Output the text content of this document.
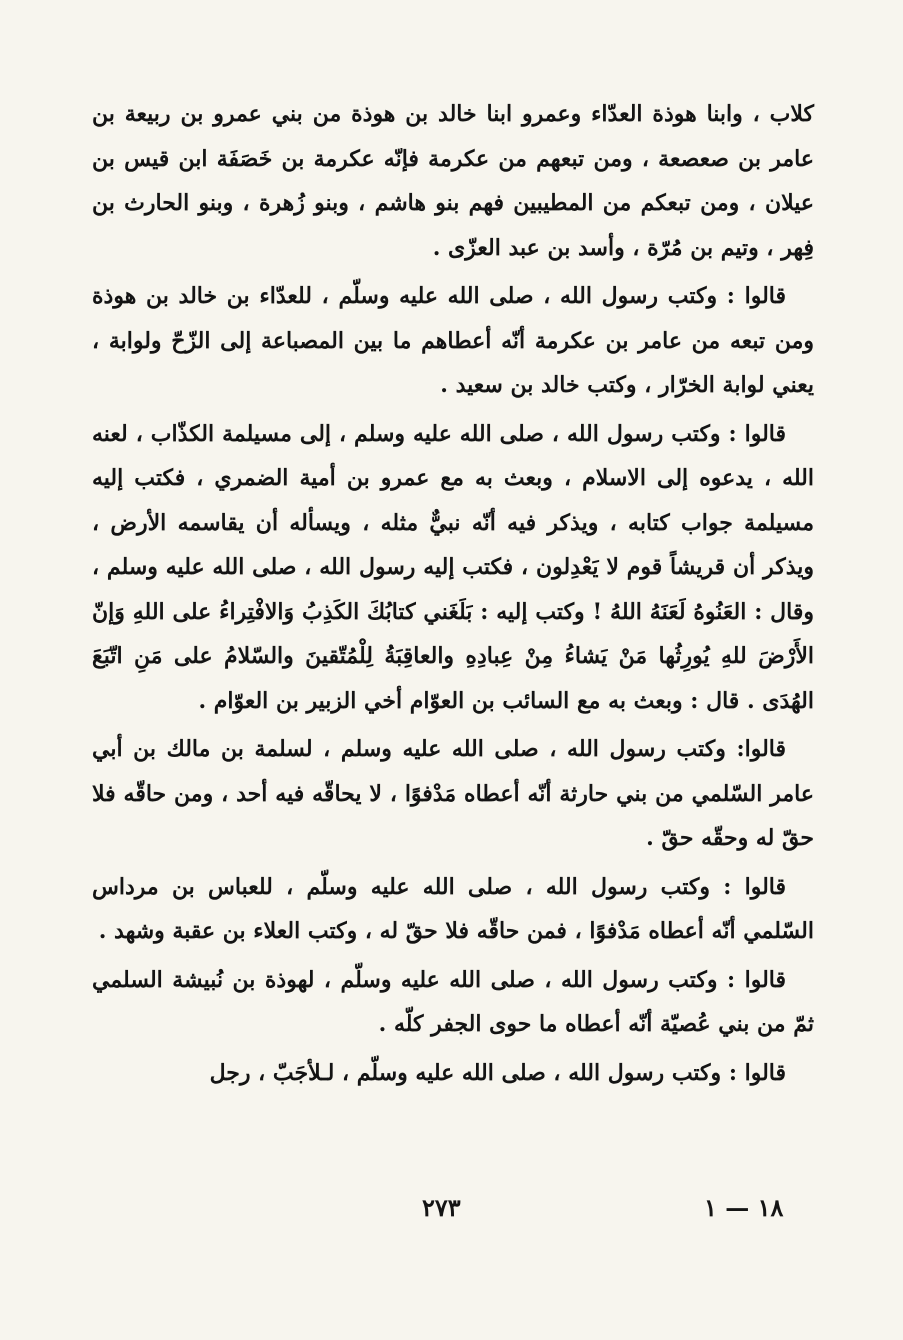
كلاب ، وابنا هوذة العدّاء وعمرو ابنا خالد بن هوذة من بني عمرو بن ربيعة بن عامر بن صعصعة ، ومن تبعهم من عكرمة فإنّه عكرمة بن خَصَفَة ابن قيس بن عيلان ، ومن تبعكم من المطيبين فهم بنو هاشم ، وبنو زُهرة ، وبنو الحارث بن فِهر ، وتيم بن مُرّة ، وأسد بن عبد العزّى .

قالوا : وكتب رسول الله ، صلى الله عليه وسلّم ، للعدّاء بن خالد بن هوذة ومن تبعه من عامر بن عكرمة أنّه أعطاهم ما بين المصباعة إلى الزّحّ ولوابة ، يعني لوابة الخرّار ، وكتب خالد بن سعيد .

قالوا : وكتب رسول الله ، صلى الله عليه وسلم ، إلى مسيلمة الكذّاب ، لعنه الله ، يدعوه إلى الاسلام ، وبعث به مع عمرو بن أمية الضمري ، فكتب إليه مسيلمة جواب كتابه ، ويذكر فيه أنّه نبيٌّ مثله ، ويسأله أن يقاسمه الأرض ، ويذكر أن قريشاً قوم لا يَعْدِلون ، فكتب إليه رسول الله ، صلى الله عليه وسلم ، وقال : العَنُوهُ لَعَنَهُ اللهُ ! وكتب إليه : بَلَغَني كتابُكَ الكَذِبُ وَالافْتِراءُ على اللهِ وَإنّ الأَرْضَ للهِ يُورِثُها مَنْ يَشاءُ مِنْ عِبادِهِ والعاقِبَةُ لِلْمُتّقينَ والسّلامُ على مَنِ اتّبَعَ الهُدَى . قال : وبعث به مع السائب بن العوّام أخي الزبير بن العوّام .

قالوا: وكتب رسول الله ، صلى الله عليه وسلم ، لسلمة بن مالك بن أبي عامر السّلمي من بني حارثة أنّه أعطاه مَدْفوًا ، لا يحاقّه فيه أحد ، ومن حاقّه فلا حقّ له وحقّه حقّ .

قالوا : وكتب رسول الله ، صلى الله عليه وسلّم ، للعباس بن مرداس السّلمي أنّه أعطاه مَدْفوًا ، فمن حاقّه فلا حقّ له ، وكتب العلاء بن عقبة وشهد .

قالوا : وكتب رسول الله ، صلى الله عليه وسلّم ، لهوذة بن نُبيشة السلمي ثمّ من بني عُصيّة أنّه أعطاه ما حوى الجفر كلّه .

قالوا : وكتب رسول الله ، صلى الله عليه وسلّم ، لـلأجَبّ ، رجل

٢٧٣	١٨ — ١
